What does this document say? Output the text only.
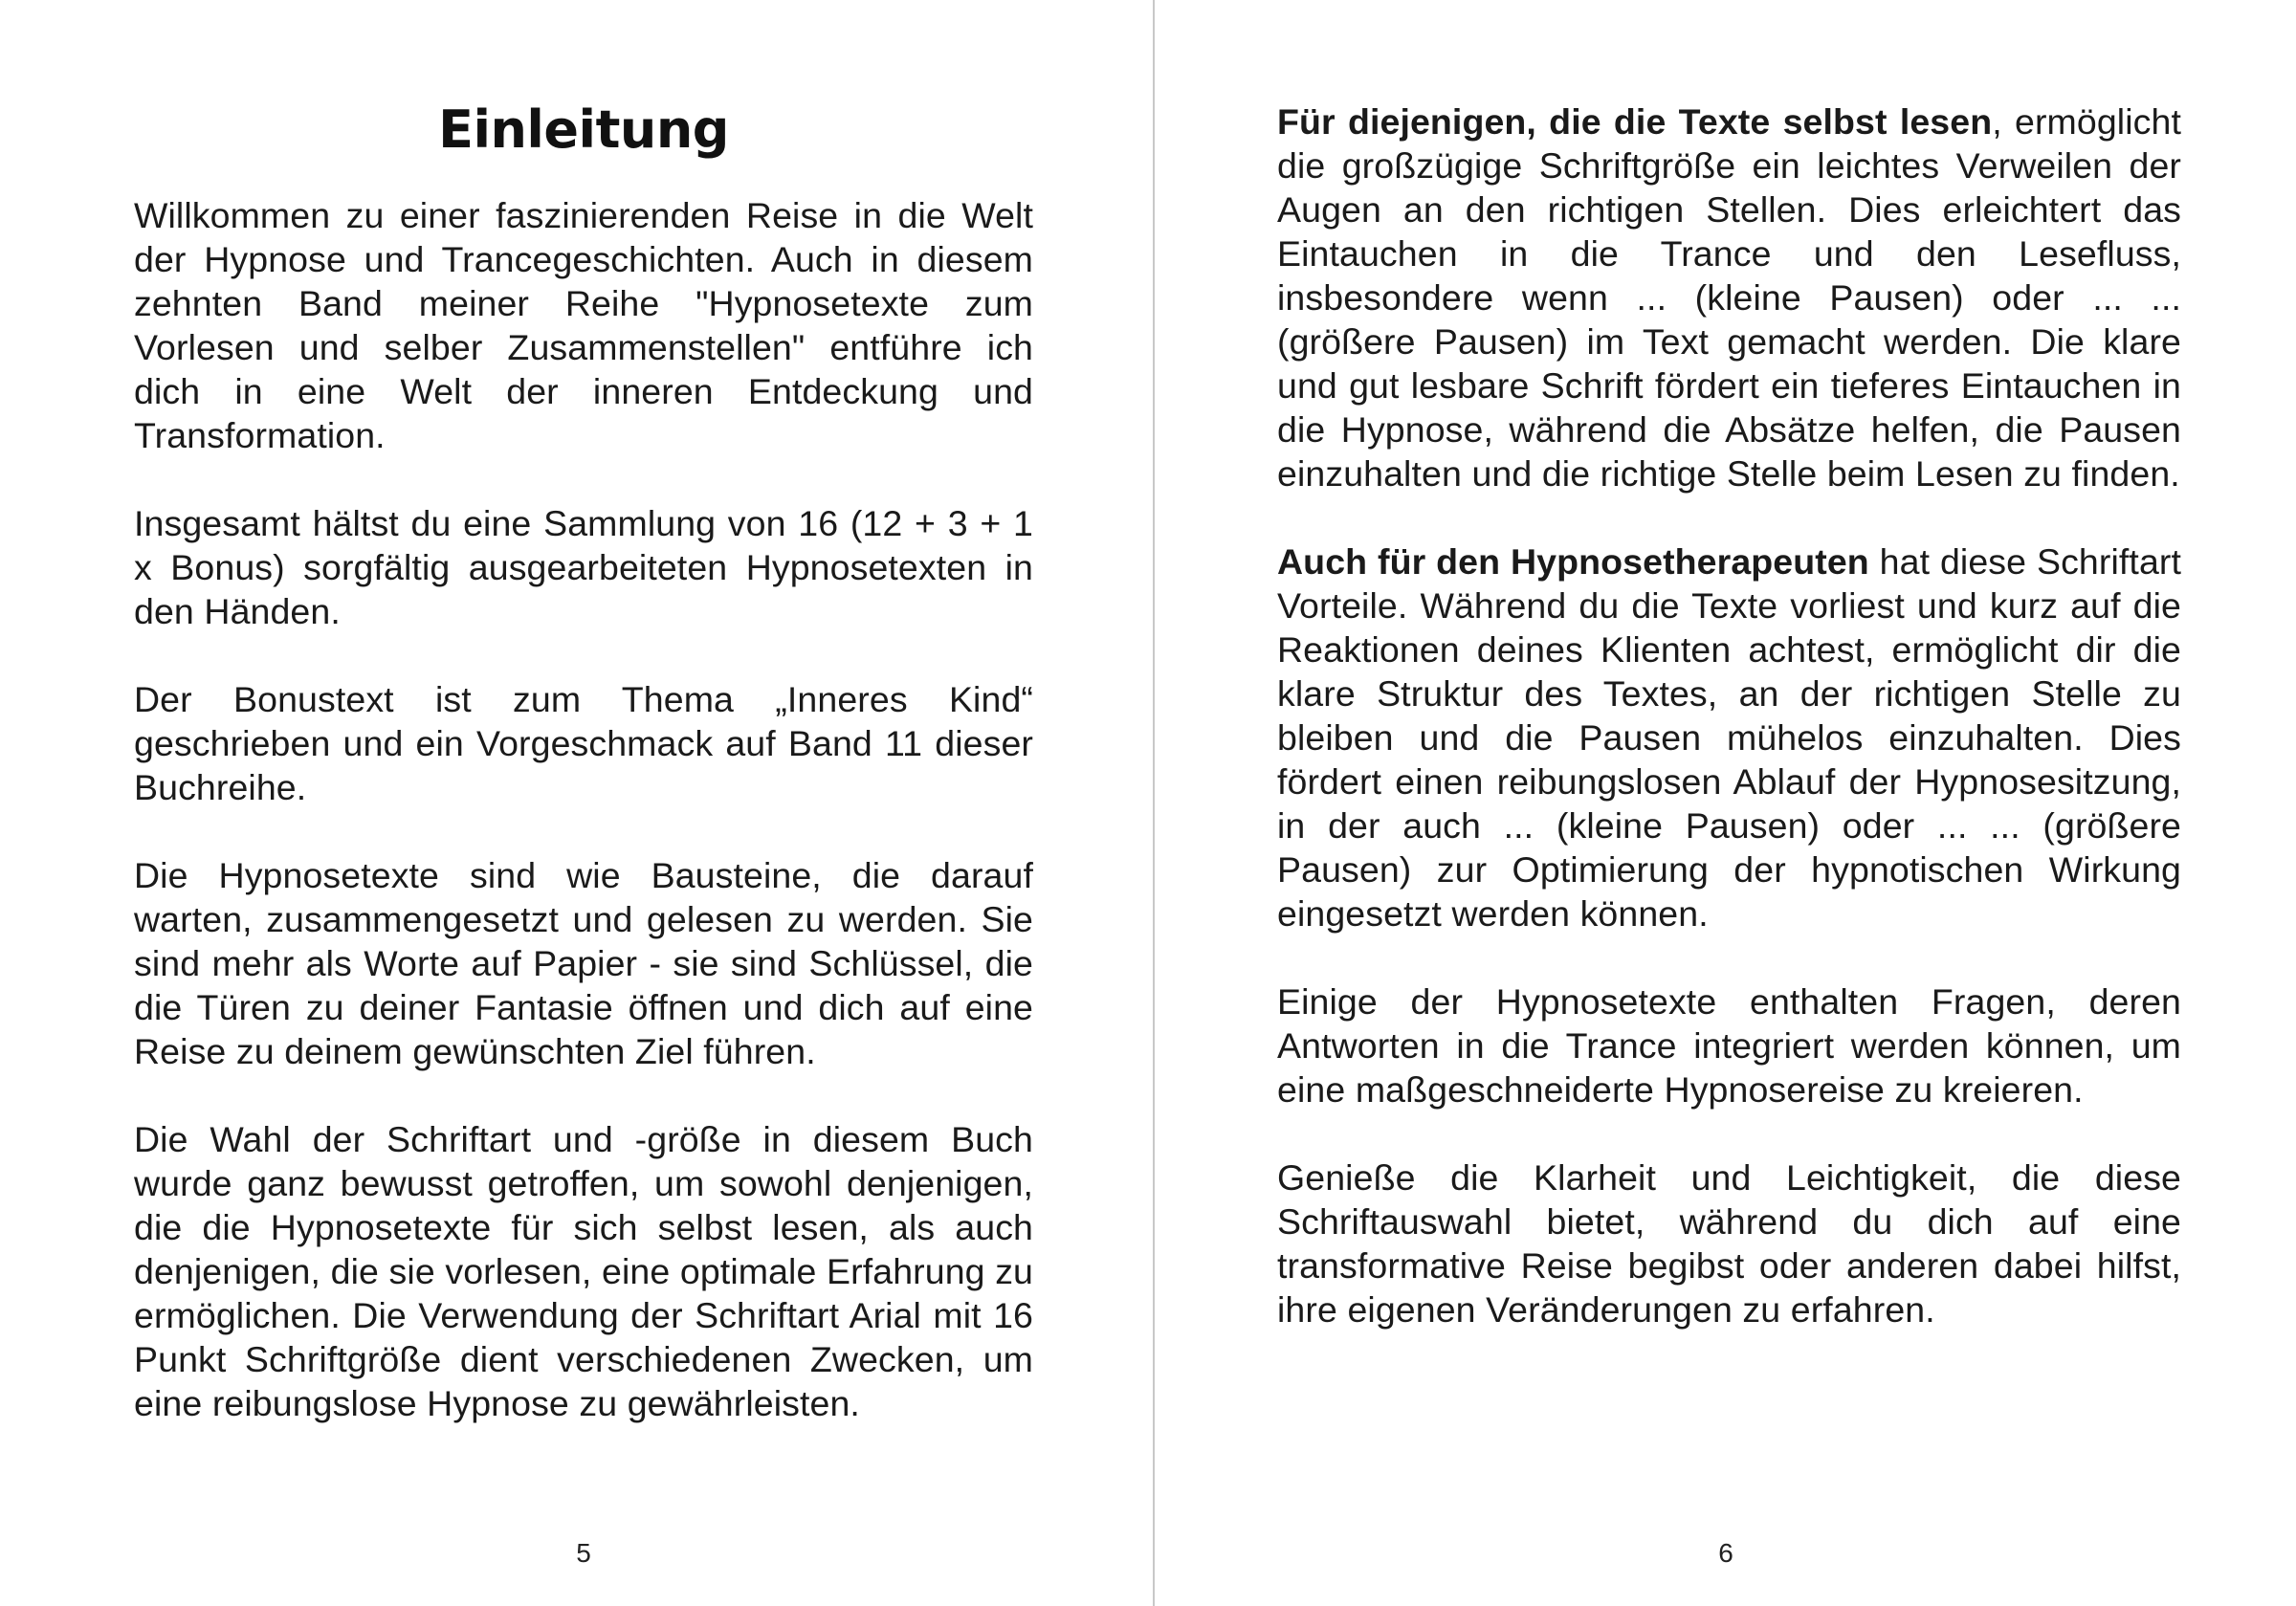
Einleitung

Willkommen zu einer faszinierenden Reise in die Welt der Hypnose und Trancegeschichten. Auch in diesem zehnten Band meiner Reihe "Hypnosetexte zum Vorlesen und selber Zusammenstellen" entführe ich dich in eine Welt der inneren Entdeckung und Transformation.

Insgesamt hältst du eine Sammlung von 16 (12 + 3 + 1 x Bonus) sorgfältig ausgearbeiteten Hypnosetexten in den Händen.

Der Bonustext ist zum Thema „Inneres Kind“ geschrieben und ein Vorgeschmack auf Band 11 dieser Buchreihe.

Die Hypnosetexte sind wie Bausteine, die darauf warten, zusammengesetzt und gelesen zu werden. Sie sind mehr als Worte auf Papier - sie sind Schlüssel, die die Türen zu deiner Fantasie öffnen und dich auf eine Reise zu deinem gewünschten Ziel führen.

Die Wahl der Schriftart und -größe in diesem Buch wurde ganz bewusst getroffen, um sowohl denjenigen, die die Hypnosetexte für sich selbst lesen, als auch denjenigen, die sie vorlesen, eine optimale Erfahrung zu ermöglichen. Die Verwendung der Schriftart Arial mit 16 Punkt Schriftgröße dient verschiedenen Zwecken, um eine reibungslose Hypnose zu gewährleisten.

5

Für diejenigen, die die Texte selbst lesen, ermöglicht die großzügige Schriftgröße ein leichtes Verweilen der Augen an den richtigen Stellen. Dies erleichtert das Eintauchen in die Trance und den Lesefluss, insbesondere wenn ... (kleine Pausen) oder ... ... (größere Pausen) im Text gemacht werden. Die klare und gut lesbare Schrift fördert ein tieferes Eintauchen in die Hypnose, während die Absätze helfen, die Pausen einzuhalten und die richtige Stelle beim Lesen zu finden.

Auch für den Hypnosetherapeuten hat diese Schriftart Vorteile. Während du die Texte vorliest und kurz auf die Reaktionen deines Klienten achtest, ermöglicht dir die klare Struktur des Textes, an der richtigen Stelle zu bleiben und die Pausen mühelos einzuhalten. Dies fördert einen reibungslosen Ablauf der Hypnosesitzung, in der auch ... (kleine Pausen) oder ... ... (größere Pausen) zur Optimierung der hypnotischen Wirkung eingesetzt werden können.

Einige der Hypnosetexte enthalten Fragen, deren Antworten in die Trance integriert werden können, um eine maßgeschneiderte Hypnosereise zu kreieren.

Genieße die Klarheit und Leichtigkeit, die diese Schriftauswahl bietet, während du dich auf eine transformative Reise begibst oder anderen dabei hilfst, ihre eigenen Veränderungen zu erfahren.

6
